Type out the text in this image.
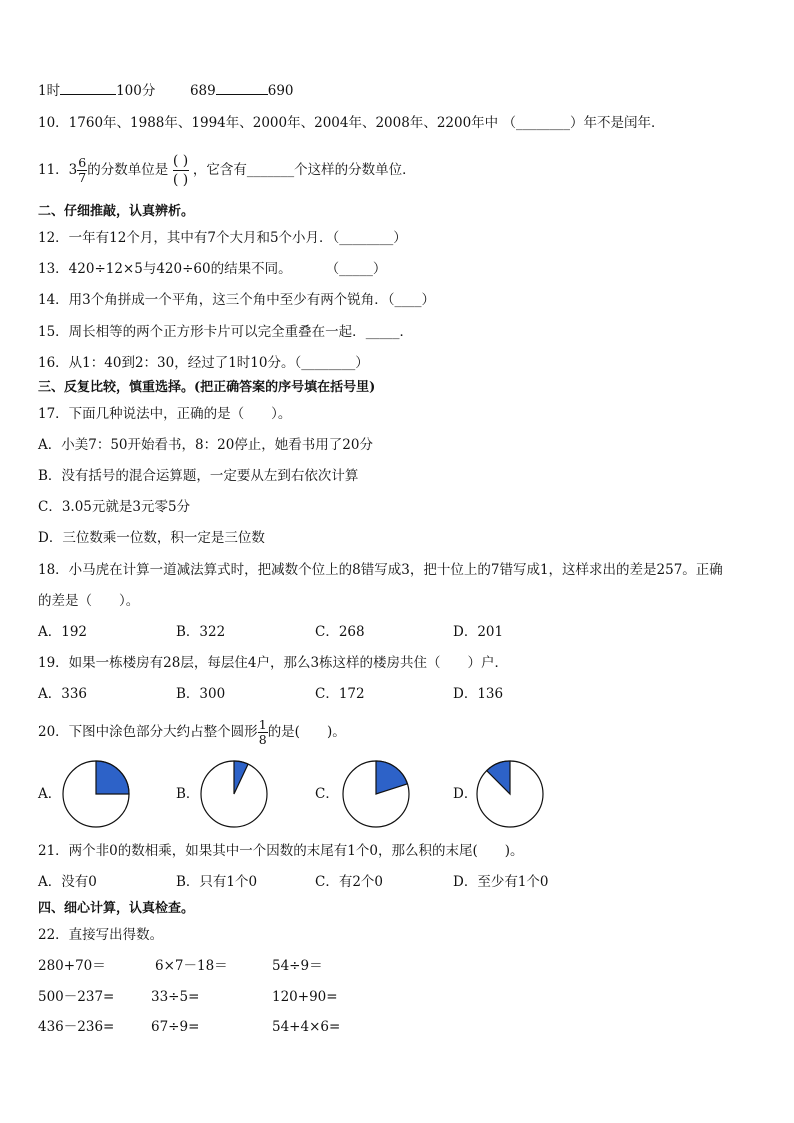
1时	100分	689	690
10．1760年、1988年、1994年、2000年、2004年、2008年、2200年中 （________）年不是闰年．
11．$3 \frac{6}{7}$ 的分数单位是
( )
( )
，它含有_______个这样的分数单位．
二、仔细推敲，认真辨析。
12．一年有12个月，其中有7个大月和5个小月．（________）
13．420÷12×5与420÷60的结果不同。	（_____）
14．用3个角拼成一个平角，这三个角中至少有两个锐角．（____）
15．周长相等的两个正方形卡片可以完全重叠在一起．_____．
16．从1：40到2：30，经过了1时10分。（________）
三、反复比较，慎重选择。(把正确答案的序号填在括号里)
17．下面几种说法中，正确的是（　　）。
A．小美7：50开始看书，8：20停止，她看书用了20分
B．没有括号的混合运算题，一定要从左到右依次计算
C．3.05元就是3元零5分
D．三位数乘一位数，积一定是三位数
18．小马虎在计算一道减法算式时，把减数个位上的8错写成3，把十位上的7错写成1，这样求出的差是257。正确
的差是（　　）。
A．192	B．322	C．268	D．201
19．如果一栋楼房有28层，每层住4户，那么3栋这样的楼房共住（　　）户．
A．336	B．300	C．172	D．136
20．下图中涂色部分大约占整个圆形 $\frac{1}{8}$ 的是(　　)。
A．	B．	C．	D．
21．两个非0的数相乘，如果其中一个因数的末尾有1个0，那么积的末尾(　　)。
A．没有0	B．只有1个0	C．有2个0	D．至少有1个0
四、细心计算，认真检查。
22．直接写出得数。
280+70＝	6×7－18＝	54÷9＝
500－237=	33÷5=	120+90=
436－236=	67÷9=	54+4×6=
